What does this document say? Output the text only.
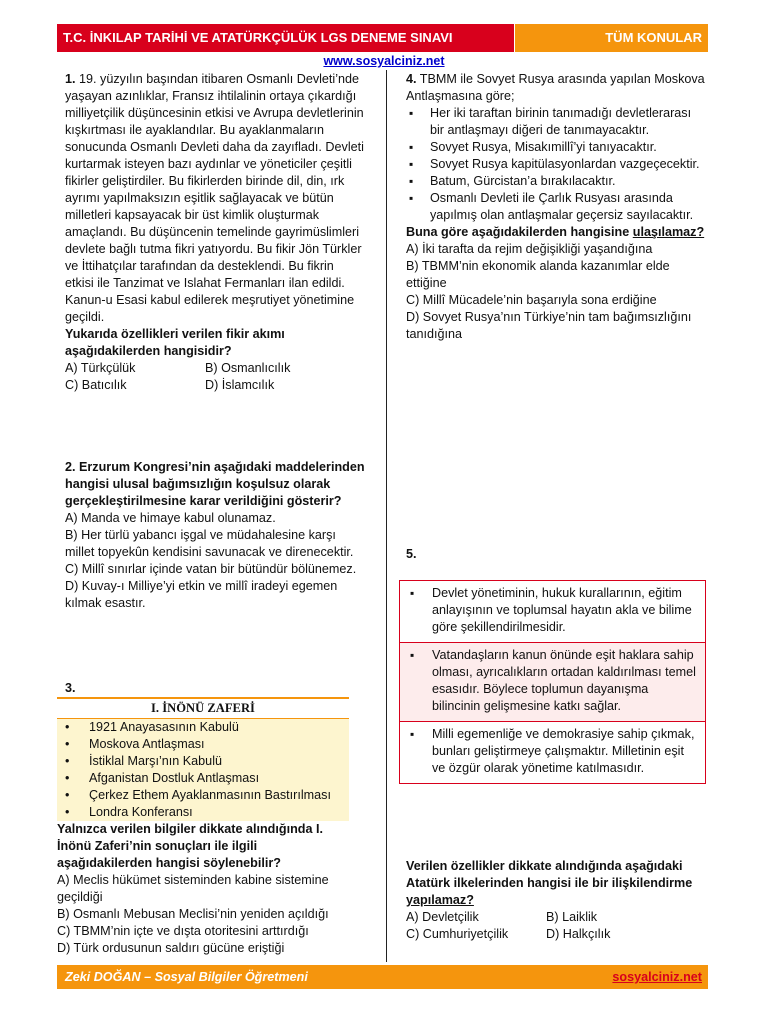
T.C. İNKILAP TARİHİ VE ATATÜRKÇÜLÜK LGS DENEME SINAVI	TÜM KONULAR
www.sosyalciniz.net

1. 19. yüzyılın başından itibaren Osmanlı Devleti’nde yaşayan azınlıklar, Fransız ihtilalinin ortaya çıkardığı milliyetçilik düşüncesinin etkisi ve Avrupa devletlerinin kışkırtması ile ayaklandılar. Bu ayaklanmaların sonucunda Osmanlı Devleti daha da zayıfladı. Devleti kurtarmak isteyen bazı aydınlar ve yöneticiler çeşitli fikirler geliştirdiler. Bu fikirlerden birinde dil, din, ırk ayrımı yapılmaksızın eşitlik sağlayacak ve bütün milletleri kapsayacak bir üst kimlik oluşturmak amaçlandı. Bu düşüncenin temelinde gayrimüslimleri devlete bağlı tutma fikri yatıyordu. Bu fikir Jön Türkler ve İttihatçılar tarafından da desteklendi. Bu fikrin etkisi ile Tanzimat ve Islahat Fermanları ilan edildi. Kanun-u Esasi kabul edilerek meşrutiyet yönetimine geçildi.

Yukarıda özellikleri verilen fikir akımı aşağıdakilerden hangisidir?

A) Türkçülük	B) Osmanlıcılık
C) Batıcılık	D) İslamcılık

2. Erzurum Kongresi’nin aşağıdaki maddelerinden hangisi ulusal bağımsızlığın koşulsuz olarak gerçekleştirilmesine karar verildiğini gösterir?

A) Manda ve himaye kabul olunamaz.

B) Her türlü yabancı işgal ve müdahalesine karşı millet topyekûn kendisini savunacak ve direnecektir.

C) Millî sınırlar içinde vatan bir bütündür bölünemez.

D) Kuvay-ı Milliye’yi etkin ve millî iradeyi egemen kılmak esastır.

3.

I. İNÖNÜ ZAFERİ
• 1921 Anayasasının Kabulü
• Moskova Antlaşması
• İstiklal Marşı’nın Kabulü
• Afganistan Dostluk Antlaşması
• Çerkez Ethem Ayaklanmasının Bastırılması
• Londra Konferansı

Yalnızca verilen bilgiler dikkate alındığında I. İnönü Zaferi’nin sonuçları ile ilgili aşağıdakilerden hangisi söylenebilir?

A) Meclis hükümet sisteminden kabine sistemine geçildiği

B) Osmanlı Mebusan Meclisi’nin yeniden açıldığı

C) TBMM’nin içte ve dışta otoritesini arttırdığı

D) Türk ordusunun saldırı gücüne eriştiği

4. TBMM ile Sovyet Rusya arasında yapılan Moskova Antlaşmasına göre;

▪ Her iki taraftan birinin tanımadığı devletlerarası bir antlaşmayı diğeri de tanımayacaktır.
▪ Sovyet Rusya, Misakımillî’yi tanıyacaktır.
▪ Sovyet Rusya kapitülasyonlardan vazgeçecektir.
▪ Batum, Gürcistan’a bırakılacaktır.
▪ Osmanlı Devleti ile Çarlık Rusyası arasında yapılmış olan antlaşmalar geçersiz sayılacaktır.

Buna göre aşağıdakilerden hangisine ulaşılamaz?

A) İki tarafta da rejim değişikliği yaşandığına

B) TBMM’nin ekonomik alanda kazanımlar elde ettiğine

C) Millî Mücadele’nin başarıyla sona erdiğine

D) Sovyet Rusya’nın Türkiye’nin tam bağımsızlığını tanıdığına

5.

▪ Devlet yönetiminin, hukuk kurallarının, eğitim anlayışının ve toplumsal hayatın akla ve bilime göre şekillendirilmesidir.
▪ Vatandaşların kanun önünde eşit haklara sahip olması, ayrıcalıkların ortadan kaldırılması temel esasıdır. Böylece toplumun dayanışma bilincinin gelişmesine katkı sağlar.
▪ Milli egemenliğe ve demokrasiye sahip çıkmak, bunları geliştirmeye çalışmaktır. Milletinin eşit ve özgür olarak yönetime katılmasıdır.

Verilen özellikler dikkate alındığında aşağıdaki Atatürk ilkelerinden hangisi ile bir ilişkilendirme yapılamaz?

A) Devletçilik	B) Laiklik
C) Cumhuriyetçilik	D) Halkçılık
Zeki DOĞAN – Sosyal Bilgiler Öğretmeni	sosyalciniz.net
